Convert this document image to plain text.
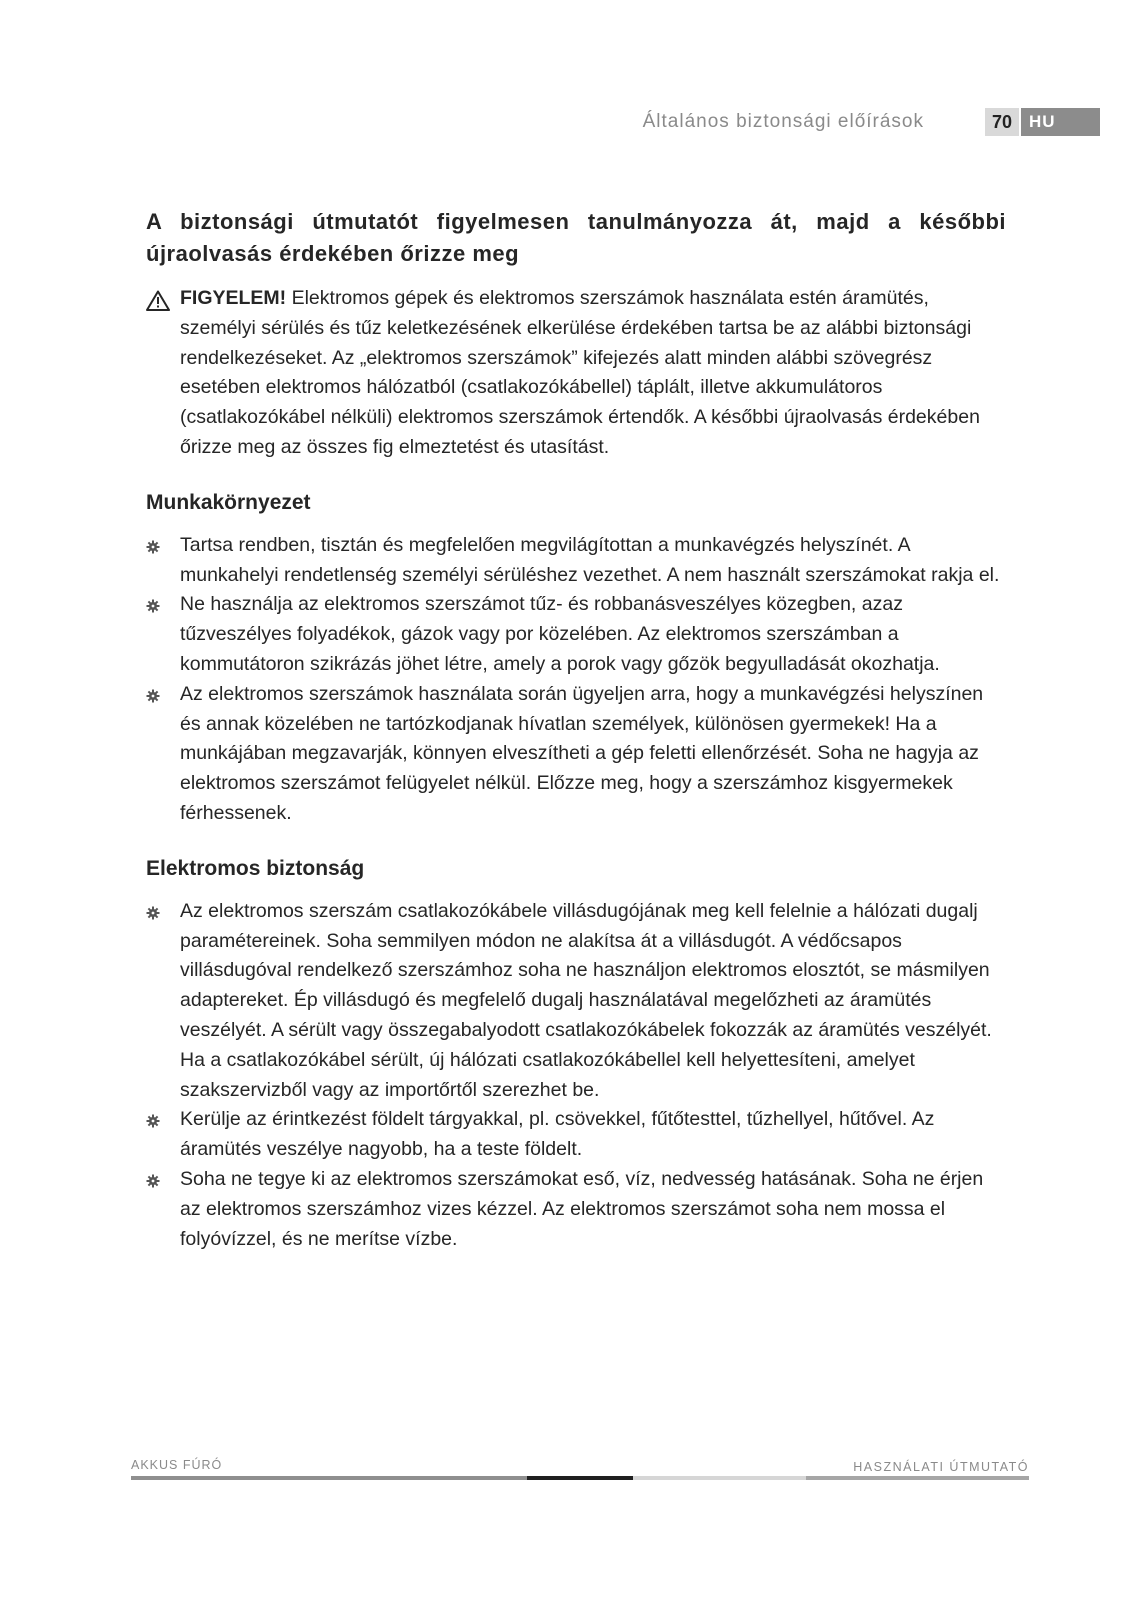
Általános biztonsági előírások	70 HU
A biztonsági útmutatót figyelmesen tanulmányozza át, majd a későbbi újraolvasás érdekében őrizze meg
FIGYELEM! Elektromos gépek és elektromos szerszámok használata estén áramütés, személyi sérülés és tűz keletkezésének elkerülése érdekében tartsa be az alábbi biztonsági rendelkezéseket. Az „elektromos szerszámok” kifejezés alatt minden alábbi szövegrész esetében elektromos hálózatból (csatlakozókábellel) táplált, illetve akkumulátoros (csatlakozókábel nélküli) elektromos szerszámok értendők. A későbbi újraolvasás érdekében őrizze meg az összes fig elmeztetést és utasítást.
Munkakörnyezet
Tartsa rendben, tisztán és megfelelően megvilágítottan a munkavégzés helyszínét. A munkahelyi rendetlenség személyi sérüléshez vezethet. A nem használt szerszámokat rakja el.
Ne használja az elektromos szerszámot tűz- és robbanásveszélyes közegben, azaz tűzveszélyes folyadékok, gázok vagy por közelében. Az elektromos szerszámban a kommutátoron szikrázás jöhet létre, amely a porok vagy gőzök begyulladását okozhatja.
Az elektromos szerszámok használata során ügyeljen arra, hogy a munkavégzési helyszínen és annak közelében ne tartózkodjanak hívatlan személyek, különösen gyermekek! Ha a munkájában megzavarják, könnyen elveszítheti a gép feletti ellenőrzését. Soha ne hagyja az elektromos szerszámot felügyelet nélkül. Előzze meg, hogy a szerszámhoz kisgyermekek férhessenek.
Elektromos biztonság
Az elektromos szerszám csatlakozókábele villásdugójának meg kell felelnie a hálózati dugalj paramétereinek. Soha semmilyen módon ne alakítsa át a villásdugót. A védőcsapos villásdugóval rendelkező szerszámhoz soha ne használjon elektromos elosztót, se másmilyen adaptereket. Ép villásdugó és megfelelő dugalj használatával megelőzheti az áramütés veszélyét. A sérült vagy összegabalyodott csatlakozókábelek fokozzák az áramütés veszélyét. Ha a csatlakozókábel sérült, új hálózati csatlakozókábellel kell helyettesíteni, amelyet szakszervizből vagy az importőrtől szerezhet be.
Kerülje az érintkezést földelt tárgyakkal, pl. csövekkel, fűtőtesttel, tűzhellyel, hűtővel. Az áramütés veszélye nagyobb, ha a teste földelt.
Soha ne tegye ki az elektromos szerszámokat eső, víz, nedvesség hatásának. Soha ne érjen az elektromos szerszámhoz vizes kézzel. Az elektromos szerszámot soha nem mossa el folyóvízzel, és ne merítse vízbe.
AKKUS FÚRÓ	HASZNÁLATI ÚTMUTATÓ
